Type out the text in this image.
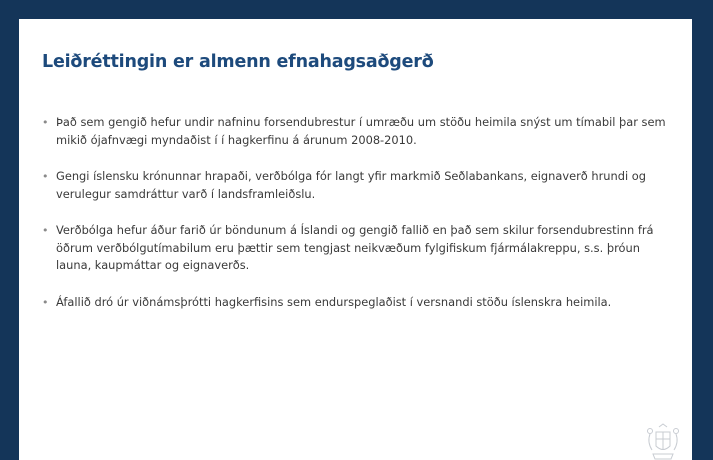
Leiðréttingin er almenn efnahagsaðgerð
• Það sem gengið hefur undir nafninu forsendubrestur í umræðu um stöðu heimila snýst um tímabil þar sem mikið ójafnvægi myndaðist í í hagkerfinu á árunum 2008-2010.
• Gengi íslensku krónunnar hrapaði, verðbólga fór langt yfir markmið Seðlabankans, eignaverð hrundi og verulegur samdráttur varð í landsframleiðslu.
• Verðbólga hefur áður farið úr böndunum á Íslandi og gengið fallið en það sem skilur forsendubrestinn frá öðrum verðbólgutímabilum eru þættir sem tengjast neikvæðum fylgifiskum fjármálakreppu, s.s. þróun launa, kaupmáttar og eignaverðs.
• Áfallið dró úr viðnámsþrótti hagkerfisins sem endurspeglaðist í versnandi stöðu íslenskra heimila.
